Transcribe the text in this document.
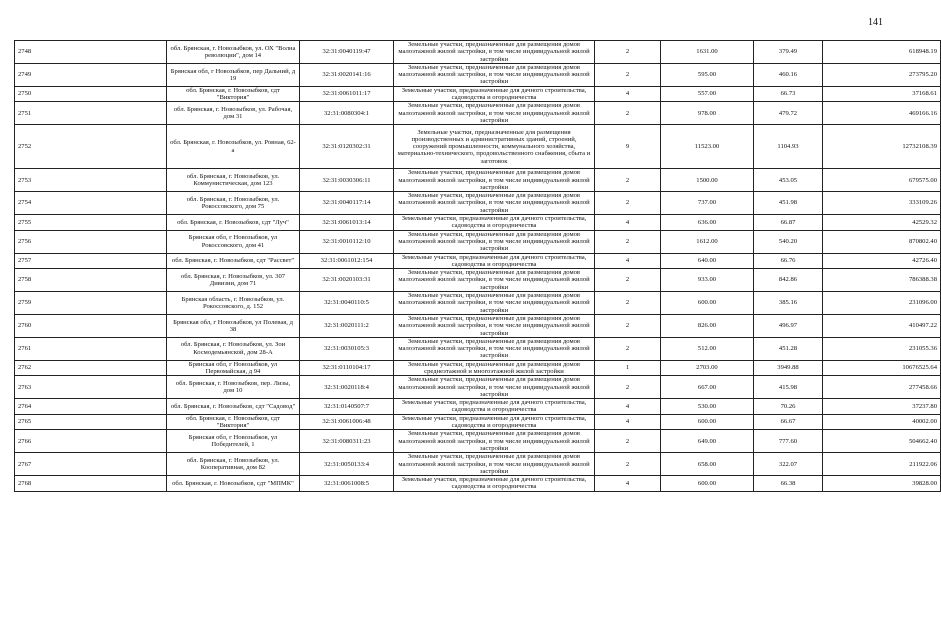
141
2748	обл. Брянская, г. Новозыбков, ул. ОХ "Волна революции", дом 14	32:31:0040119:47	Земельные участки, предназначенные для размещения домов малоэтажной жилой застройки, в том числе индивидуальной жилой застройки	2	1631.00	379.49	618948.19
2749	Брянская обл, г Новозыбков, пер Дальний, д 19	32:31:0020141:16	Земельные участки, предназначенные для размещения домов малоэтажной жилой застройки, в том числе индивидуальной жилой застройки	2	595.00	460.16	273795.20
2750	обл. Брянская, г. Новозыбков, сдт "Виктория"	32:31:0061011:17	Земельные участки, предназначенные для дачного строительства, садоводства и огородничества	4	557.00	66.73	37168.61
2751	обл. Брянская, г. Новозыбков, ул. Рабочая, дом 31	32:31:0080304:1	Земельные участки, предназначенные для размещения домов малоэтажной жилой застройки, в том числе индивидуальной жилой застройки	2	978.00	479.72	469166.16
2752	обл. Брянская, г. Новозыбков, ул. Ровная, 62-а	32:31:0120302:31	Земельные участки, предназначенные для размещения производственных и административных зданий, строений, сооружений промышленности, коммунального хозяйства, материально-технического, продовольственного снабжения, сбыта и заготовок	9	11523.00	1104.93	12732108.39
2753	обл. Брянская, г. Новозыбков, ул. Коммунистическая, дом 123	32:31:0030306:11	Земельные участки, предназначенные для размещения домов малоэтажной жилой застройки, в том числе индивидуальной жилой застройки	2	1500.00	453.05	679575.00
2754	обл. Брянская, г. Новозыбков, ул. Рокоссовского, дом 75	32:31:0040117:14	Земельные участки, предназначенные для размещения домов малоэтажной жилой застройки, в том числе индивидуальной жилой застройки	2	737.00	451.98	333109.26
2755	обл. Брянская, г. Новозыбков, сдт "Луч"	32:31:0061013:14	Земельные участки, предназначенные для дачного строительства, садоводства и огородничества	4	636.00	66.87	42529.32
2756	Брянская обл, г Новозыбков, ул Рокоссовского, дом 41	32:31:0010112:10	Земельные участки, предназначенные для размещения домов малоэтажной жилой застройки, в том числе индивидуальной жилой застройки	2	1612.00	540.20	870802.40
2757	обл. Брянская, г. Новозыбков, сдт "Рассвет"	32:31:0061012:154	Земельные участки, предназначенные для дачного строительства, садоводства и огородничества	4	640.00	66.76	42726.40
2758	обл. Брянская, г. Новозыбков, ул. 307 Дивизии, дом 71	32:31:0020103:31	Земельные участки, предназначенные для размещения домов малоэтажной жилой застройки, в том числе индивидуальной жилой застройки	2	933.00	842.86	786388.38
2759	Брянская область, г. Новозыбков, ул. Рокоссовского, д. 152	32:31:0040110:5	Земельные участки, предназначенные для размещения домов малоэтажной жилой застройки, в том числе индивидуальной жилой застройки	2	600.00	385.16	231096.00
2760	Брянская обл, г Новозыбков, ул Полевая, д 38	32:31:0020111:2	Земельные участки, предназначенные для размещения домов малоэтажной жилой застройки, в том числе индивидуальной жилой застройки	2	826.00	496.97	410497.22
2761	обл. Брянская, г. Новозыбков, ул. Зои Космодемьянской, дом 28-А	32:31:0030105:3	Земельные участки, предназначенные для размещения домов малоэтажной жилой застройки, в том числе индивидуальной жилой застройки	2	512.00	451.28	231055.36
2762	Брянская обл, г Новозыбков, ул Первомайская, д 94	32:31:0110104:17	Земельные участки, предназначенные для размещения домов среднеэтажной и многоэтажной жилой застройки	1	2703.00	3949.88	10676525.64
2763	обл. Брянская, г. Новозыбков, пер. Лизы, дом 10	32:31:0020118:4	Земельные участки, предназначенные для размещения домов малоэтажной жилой застройки, в том числе индивидуальной жилой застройки	2	667.00	415.98	277458.66
2764	обл. Брянская, г. Новозыбков, сдт "Садовод"	32:31:0140507:7	Земельные участки, предназначенные для дачного строительства, садоводства и огородничества	4	530.00	70.26	37237.80
2765	обл. Брянская, г. Новозыбков, сдт "Виктория"	32:31:0061006:48	Земельные участки, предназначенные для дачного строительства, садоводства и огородничества	4	600.00	66.67	40002.00
2766	Брянская обл, г Новозыбков, ул Победителей, 1	32:31:0080311:23	Земельные участки, предназначенные для размещения домов малоэтажной жилой застройки, в том числе индивидуальной жилой застройки	2	649.00	777.60	504662.40
2767	обл. Брянская, г. Новозыбков, ул. Кооперативная, дом 82	32:31:0050133:4	Земельные участки, предназначенные для размещения домов малоэтажной жилой застройки, в том числе индивидуальной жилой застройки	2	658.00	322.07	211922.06
2768	обл. Брянская, г. Новозыбков, сдт "МПМК"	32:31:0061008:5	Земельные участки, предназначенные для дачного строительства, садоводства и огородничества	4	600.00	66.38	39828.00
